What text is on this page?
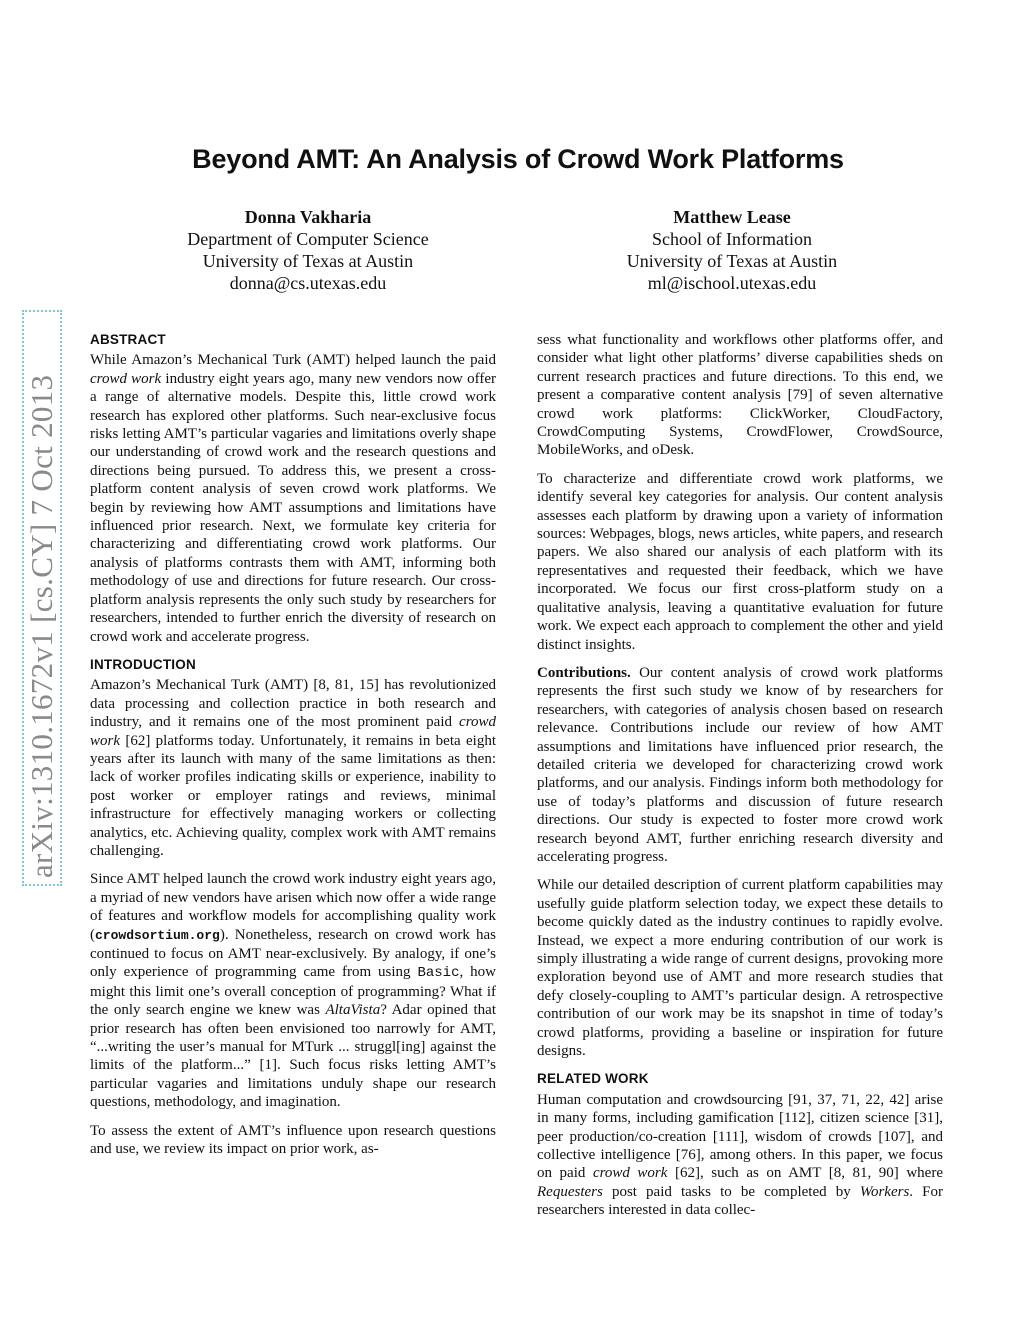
Beyond AMT: An Analysis of Crowd Work Platforms
Donna Vakharia
Department of Computer Science
University of Texas at Austin
donna@cs.utexas.edu
Matthew Lease
School of Information
University of Texas at Austin
ml@ischool.utexas.edu
arXiv:1310.1672v1 [cs.CY] 7 Oct 2013
ABSTRACT

While Amazon’s Mechanical Turk (AMT) helped launch the paid crowd work industry eight years ago, many new vendors now offer a range of alternative models. Despite this, little crowd work research has explored other platforms. Such near-exclusive focus risks letting AMT’s particular vagaries and limitations overly shape our understanding of crowd work and the research questions and directions being pursued. To address this, we present a cross-platform content analysis of seven crowd work platforms. We begin by reviewing how AMT assumptions and limitations have influenced prior research. Next, we formulate key criteria for characterizing and differentiating crowd work platforms. Our analysis of platforms contrasts them with AMT, informing both methodology of use and directions for future research. Our cross-platform analysis represents the only such study by researchers for researchers, intended to further enrich the diversity of research on crowd work and accelerate progress.

INTRODUCTION

Amazon’s Mechanical Turk (AMT) [8, 81, 15] has revolutionized data processing and collection practice in both research and industry, and it remains one of the most prominent paid crowd work [62] platforms today. Unfortunately, it remains in beta eight years after its launch with many of the same limitations as then: lack of worker profiles indicating skills or experience, inability to post worker or employer ratings and reviews, minimal infrastructure for effectively managing workers or collecting analytics, etc. Achieving quality, complex work with AMT remains challenging.

Since AMT helped launch the crowd work industry eight years ago, a myriad of new vendors have arisen which now offer a wide range of features and workflow models for accomplishing quality work (crowdsortium.org). Nonetheless, research on crowd work has continued to focus on AMT near-exclusively. By analogy, if one’s only experience of programming came from using Basic, how might this limit one’s overall conception of programming? What if the only search engine we knew was AltaVista? Adar opined that prior research has often been envisioned too narrowly for AMT, “...writing the user’s manual for MTurk ... struggl[ing] against the limits of the platform...” [1]. Such focus risks letting AMT’s particular vagaries and limitations unduly shape our research questions, methodology, and imagination.

To assess the extent of AMT’s influence upon research questions and use, we review its impact on prior work, as-

sess what functionality and workflows other platforms offer, and consider what light other platforms’ diverse capabilities sheds on current research practices and future directions. To this end, we present a comparative content analysis [79] of seven alternative crowd work platforms: ClickWorker, CloudFactory, CrowdComputing Systems, CrowdFlower, CrowdSource, MobileWorks, and oDesk.

To characterize and differentiate crowd work platforms, we identify several key categories for analysis. Our content analysis assesses each platform by drawing upon a variety of information sources: Webpages, blogs, news articles, white papers, and research papers. We also shared our analysis of each platform with its representatives and requested their feedback, which we have incorporated. We focus our first cross-platform study on a qualitative analysis, leaving a quantitative evaluation for future work. We expect each approach to complement the other and yield distinct insights.

Contributions. Our content analysis of crowd work platforms represents the first such study we know of by researchers for researchers, with categories of analysis chosen based on research relevance. Contributions include our review of how AMT assumptions and limitations have influenced prior research, the detailed criteria we developed for characterizing crowd work platforms, and our analysis. Findings inform both methodology for use of today’s platforms and discussion of future research directions. Our study is expected to foster more crowd work research beyond AMT, further enriching research diversity and accelerating progress.

While our detailed description of current platform capabilities may usefully guide platform selection today, we expect these details to become quickly dated as the industry continues to rapidly evolve. Instead, we expect a more enduring contribution of our work is simply illustrating a wide range of current designs, provoking more exploration beyond use of AMT and more research studies that defy closely-coupling to AMT’s particular design. A retrospective contribution of our work may be its snapshot in time of today’s crowd platforms, providing a baseline or inspiration for future designs.

RELATED WORK

Human computation and crowdsourcing [91, 37, 71, 22, 42] arise in many forms, including gamification [112], citizen science [31], peer production/co-creation [111], wisdom of crowds [107], and collective intelligence [76], among others. In this paper, we focus on paid crowd work [62], such as on AMT [8, 81, 90] where Requesters post paid tasks to be completed by Workers. For researchers interested in data collec-
